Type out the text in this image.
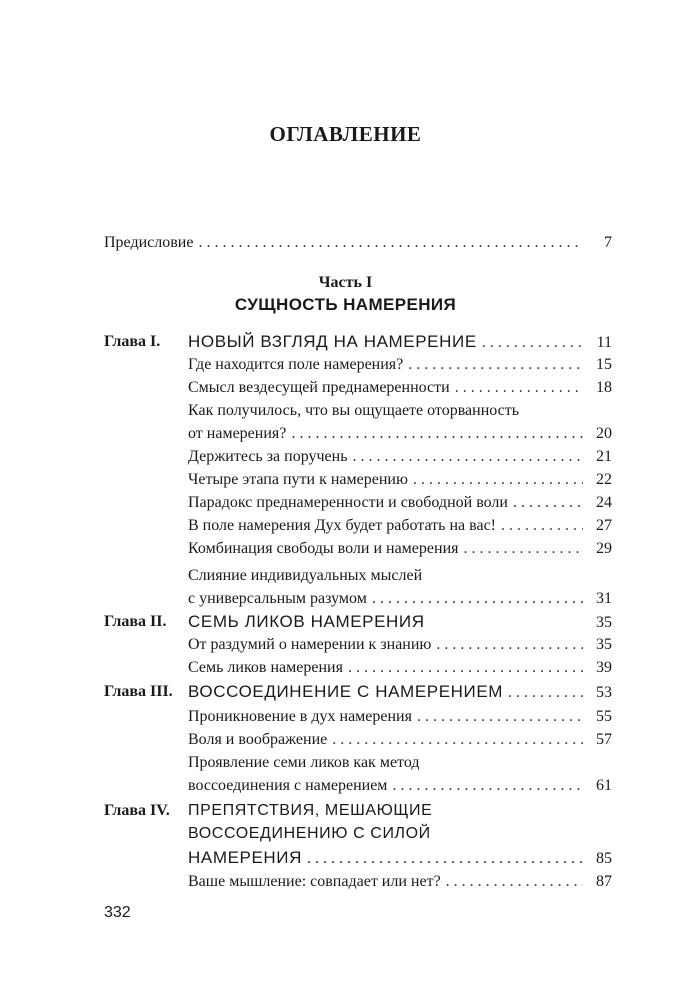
ОГЛАВЛЕНИЕ
Предисловие . . .	7
Часть I
СУЩНОСТЬ НАМЕРЕНИЯ
Глава I. НОВЫЙ ВЗГЛЯД НА НАМЕРЕНИЕ . . .	11
Где находится поле намерения? . . .	15
Смысл вездесущей преднамеренности . . .	18
Как получилось, что вы ощущаете оторванность
от намерения? . . .	20
Держитесь за поручень . . .	21
Четыре этапа пути к намерению . . .	22
Парадокс преднамеренности и свободной воли . . .	24
В поле намерения Дух будет работать на вас! . . .	27
Комбинация свободы воли и намерения . . .	29
Слияние индивидуальных мыслей
с универсальным разумом . . .	31
Глава II. СЕМЬ ЛИКОВ НАМЕРЕНИЯ	35
От раздумий о намерении к знанию . . .	35
Семь ликов намерения . . .	39
Глава III. ВОССОЕДИНЕНИЕ С НАМЕРЕНИЕМ . . .	53
Проникновение в дух намерения . . .	55
Воля и воображение . . .	57
Проявление семи ликов как метод
воссоединения с намерением . . .	61
Глава IV. ПРЕПЯТСТВИЯ, МЕШАЮЩИЕ
ВОССОЕДИНЕНИЮ С СИЛОЙ
НАМЕРЕНИЯ . . .	85
Ваше мышление: совпадает или нет? . . .	87
332
